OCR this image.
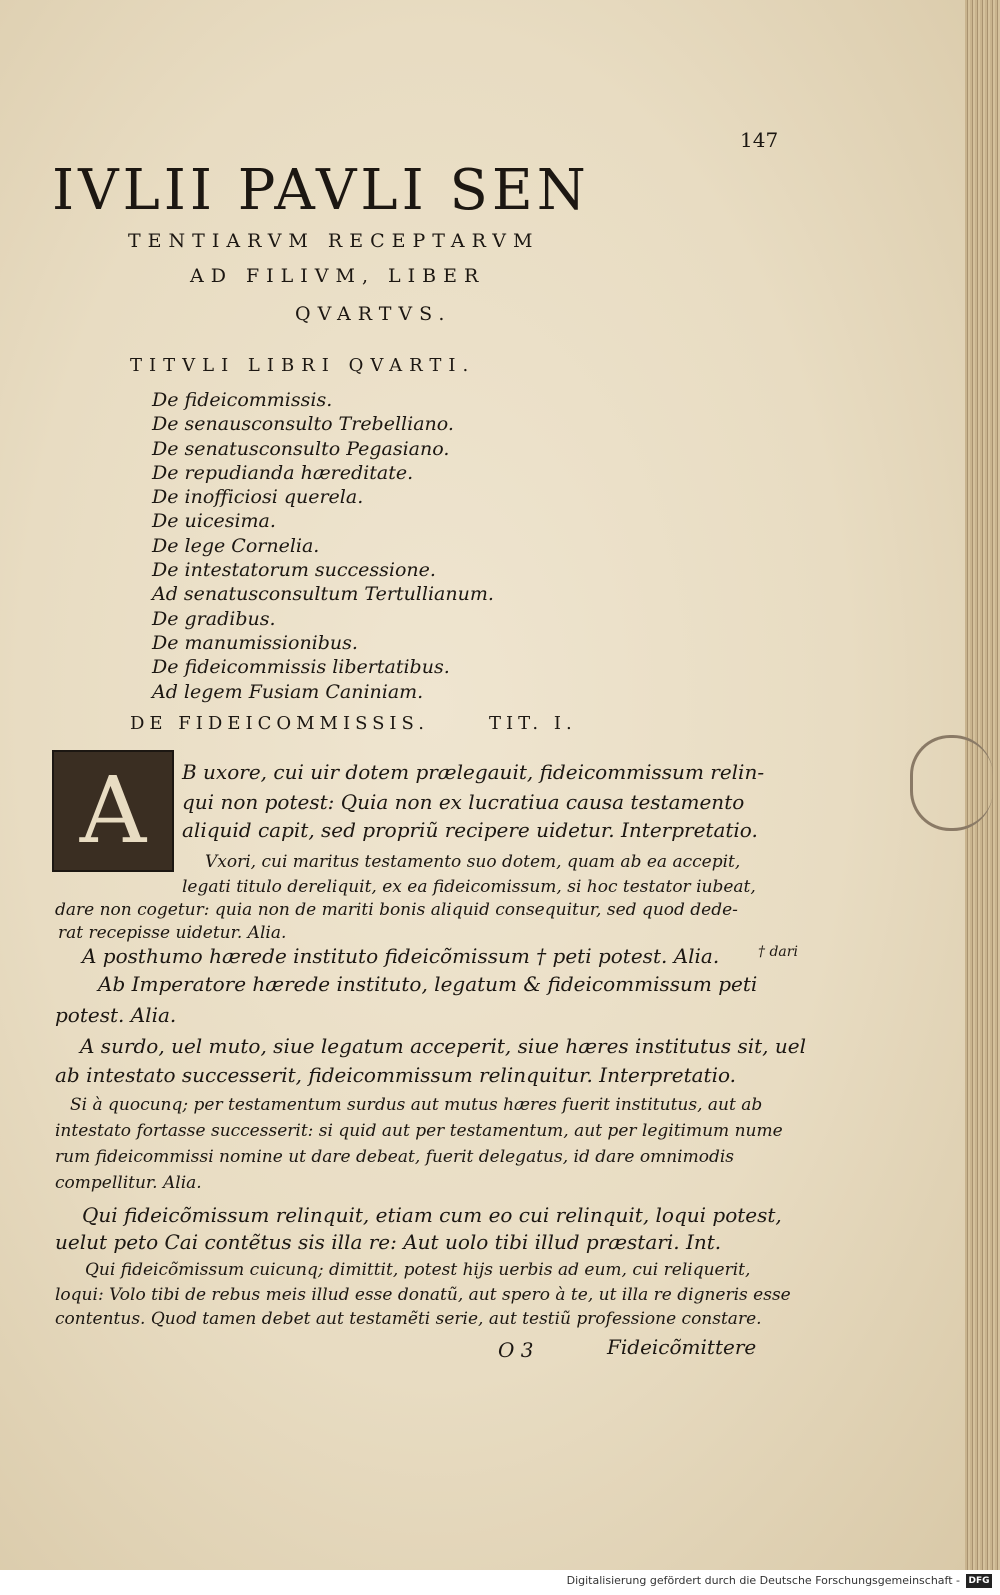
147
IVLII PAVLI SEN
TENTIARVM RECEPTARVM
AD FILIVM, LIBER
QVARTVS.
TITVLI LIBRI QVARTI.
De fideicommissis.
De senausconsulto Trebelliano.
De senatusconsulto Pegasiano.
De repudianda hæreditate.
De inofficiosi querela.
De uicesima.
De lege Cornelia.
De intestatorum successione.
Ad senatusconsultum Tertullianum.
De gradibus.
De manumissionibus.
De fideicommissis libertatibus.
Ad legem Fusiam Caniniam.
DE FIDEICOMMISSIS.	TIT. I.
A	B uxore, cui uir dotem prælegauit, fideicommissum relin-
qui non potest: Quia non ex lucratiua causa testamento
aliquid capit, sed propriũ recipere uidetur. Interpretatio.
Vxori, cui maritus testamento suo dotem, quam ab ea accepit,
legati titulo dereliquit, ex ea fideicomissum, si hoc testator iubeat,
dare non cogetur: quia non de mariti bonis aliquid consequitur, sed quod dede-
rat recepisse uidetur. Alia.
A posthumo hærede instituto fideicõmissum † peti potest. Alia.
Ab Imperatore hærede instituto, legatum & fideicommissum peti
potest. Alia.
A surdo, uel muto, siue legatum acceperit, siue hæres institutus sit, uel
ab intestato successerit, fideicommissum relinquitur. Interpretatio.
Si à quocunq; per testamentum surdus aut mutus hæres fuerit institutus, aut ab
intestato fortasse successerit: si quid aut per testamentum, aut per legitimum nume
rum fideicommissi nomine ut dare debeat, fuerit delegatus, id dare omnimodis
compellitur. Alia.
Qui fideicõmissum relinquit, etiam cum eo cui relinquit, loqui potest,
uelut peto Cai contẽtus sis illa re: Aut uolo tibi illud præstari. Int.
Qui fideicõmissum cuicunq; dimittit, potest hijs uerbis ad eum, cui reliquerit,
loqui: Volo tibi de rebus meis illud esse donatũ, aut spero à te, ut illa re digneris esse
contentus. Quod tamen debet aut testamẽti serie, aut testiũ professione constare.
O 3	Fideicõmittere
† dari
Digitalisierung gefördert durch die Deutsche Forschungsgemeinschaft - DFG
